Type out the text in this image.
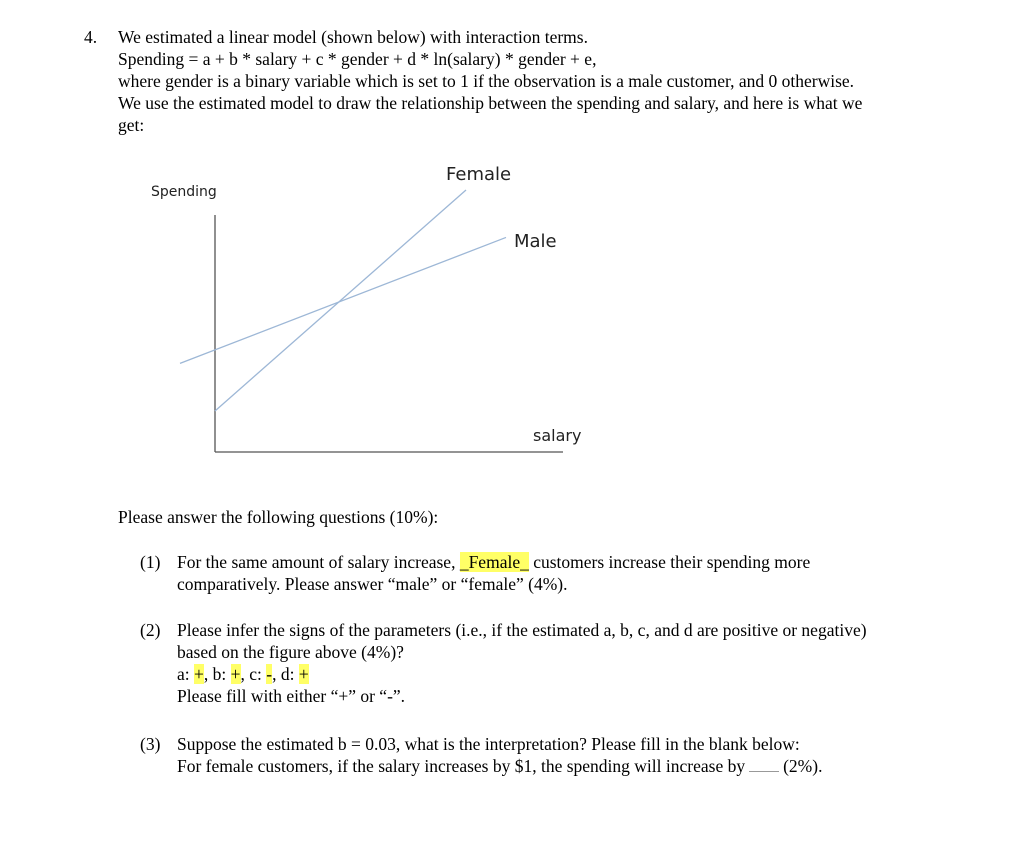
4. We estimated a linear model (shown below) with interaction terms.

Spending = a + b * salary + c * gender + d * ln(salary) * gender + e,

where gender is a binary variable which is set to 1 if the observation is a male customer, and 0 otherwise.

We use the estimated model to draw the relationship between the spending and salary, and here is what we

get:

Spending
Female
Male
salary

Please answer the following questions (10%):

(1) For the same amount of salary increase, _Female_ customers increase their spending more

comparatively. Please answer “male” or “female” (4%).

(2) Please infer the signs of the parameters (i.e., if the estimated a, b, c, and d are positive or negative)

based on the figure above (4%)?

a: +, b: +, c: -, d: +

Please fill with either “+” or “-”.

(3) Suppose the estimated b = 0.03, what is the interpretation? Please fill in the blank below:

For female customers, if the salary increases by $1, the spending will increase by (2%).
